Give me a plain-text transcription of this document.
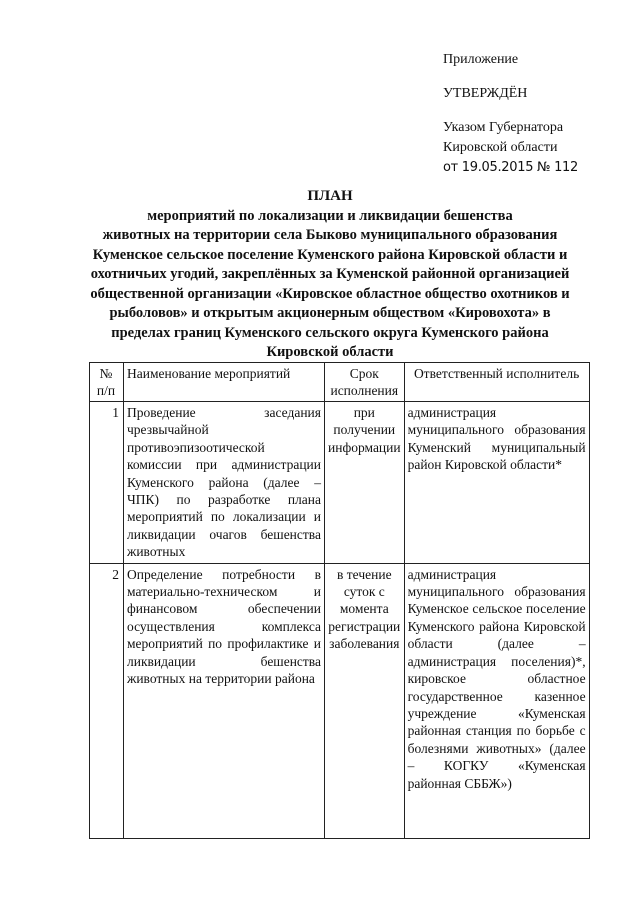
Приложение
УТВЕРЖДЁН
Указом Губернатора
Кировской области
от 19.05.2015 № 112
ПЛАН
мероприятий по локализации и ликвидации бешенства
животных на территории села Быково муниципального образования
Куменское сельское поселение Куменского района Кировской области и
охотничьих угодий, закреплённых за Куменской районной организацией
общественной организации «Кировское областное общество охотников и
рыболовов» и открытым акционерным обществом «Кировохота» в
пределах границ Куменского сельского округа Куменского района
Кировской области
№ п/п	Наименование мероприятий	Срок исполнения	Ответственный исполнитель
1	Проведение заседания чрезвычайной противоэпизоотической комиссии при администрации Куменского района (далее – ЧПК) по разработке плана мероприятий по локализации и ликвидации очагов бешенства животных	при получении информации	администрация муниципального образования Куменский муниципальный район Кировской области*
2	Определение потребности в материально-техническом и финансовом обеспечении осуществления комплекса мероприятий по профилактике и ликвидации бешенства животных на территории района	в течение суток с момента регистрации заболевания	администрация муниципального образования Куменское сельское поселение Куменского района Кировской области (далее – администрация поселения)*, кировское областное государственное казенное учреждение «Куменская районная станция по борьбе с болезнями животных» (далее – КОГКУ «Куменская районная СББЖ»)
